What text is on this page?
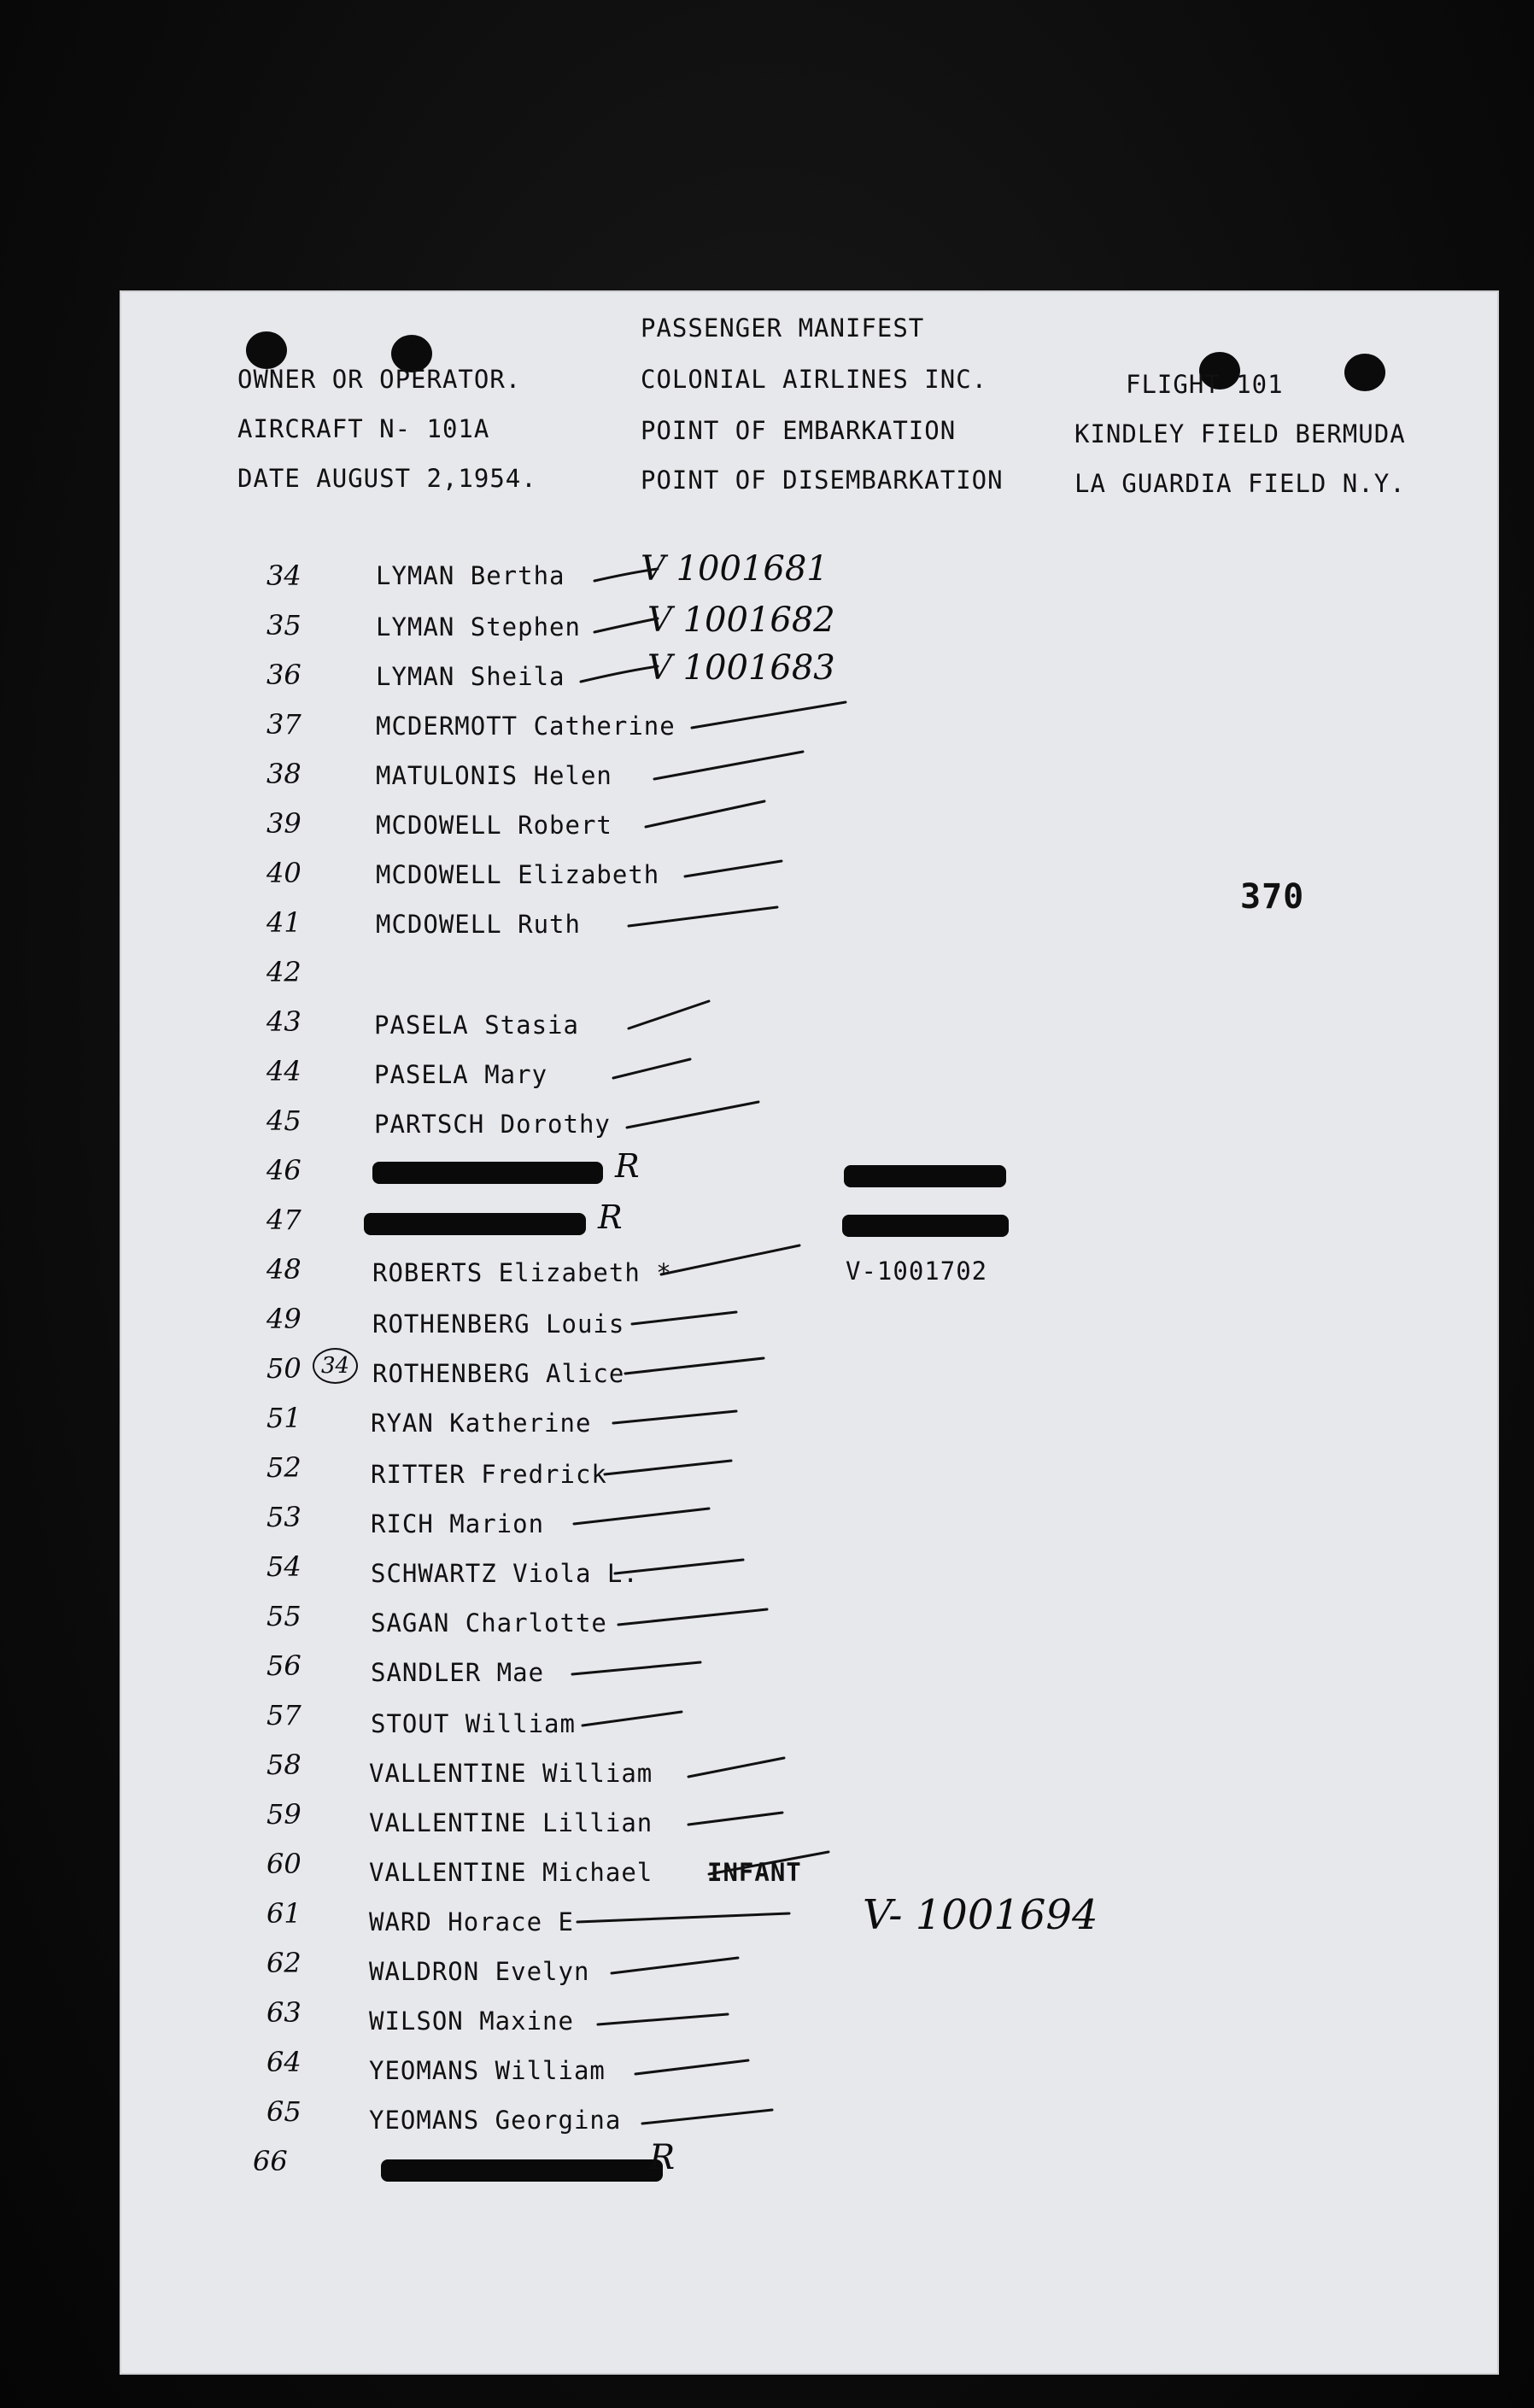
PASSENGER MANIFEST
OWNER OR OPERATOR.	COLONIAL AIRLINES INC.	FLIGHT 101
AIRCRAFT N- 101A	POINT OF EMBARKATION	KINDLEY FIELD BERMUDA
DATE AUGUST 2,1954.	POINT OF DISEMBARKATION	LA GUARDIA FIELD N.Y.
370
34	LYMAN Bertha V 1001681
35	LYMAN Stephen V 1001682
36	LYMAN Sheila V 1001683
37	MCDERMOTT Catherine
38	MATULONIS Helen
39	MCDOWELL Robert
40	MCDOWELL Elizabeth
41	MCDOWELL Ruth
42
43	PASELA Stasia
44	PASELA Mary
45	PARTSCH Dorothy
46	R
47	R
48	ROBERTS Elizabeth *	V-1001702
49	ROTHENBERG Louis
50 34 ROTHENBERG Alice
51	RYAN Katherine
52	RITTER Fredrick
53	RICH Marion
54	SCHWARTZ Viola L.
55	SAGAN Charlotte
56	SANDLER Mae
57	STOUT William
58	VALLENTINE William
59	VALLENTINE Lillian
60	VALLENTINE Michael INFANT
61	WARD Horace E	V- 1001694
62	WALDRON Evelyn
63	WILSON Maxine
64	YEOMANS William
65	YEOMANS Georgina
66	R
